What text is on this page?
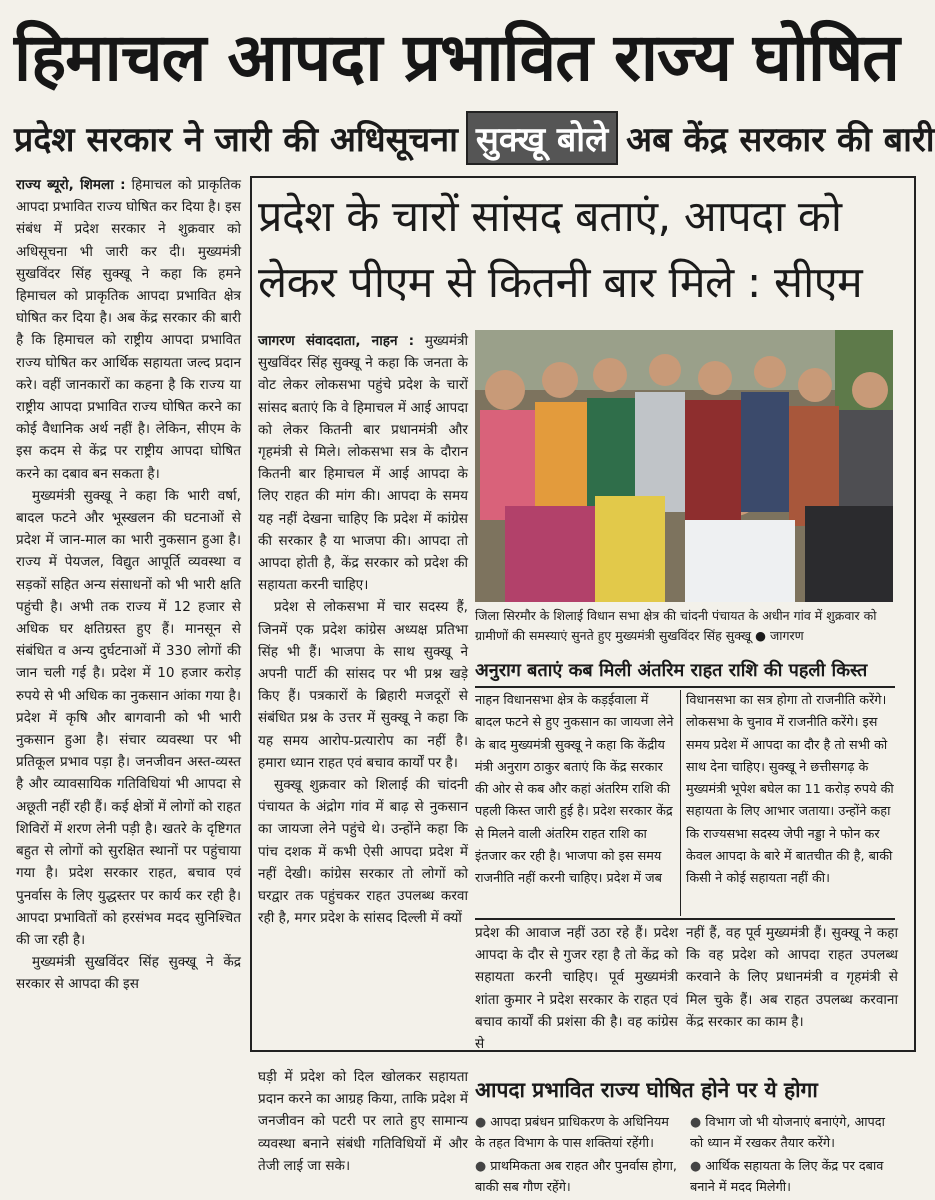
हिमाचल आपदा प्रभावित राज्य घोषित
प्रदेश सरकार ने जारी की अधिसूचना सुक्खू बोले अब केंद्र सरकार की बारी

राज्य ब्यूरो, शिमला : हिमाचल को प्राकृतिक आपदा प्रभावित राज्य घोषित कर दिया है। इस संबंध में प्रदेश सरकार ने शुक्रवार को अधिसूचना भी जारी कर दी। मुख्यमंत्री सुखविंदर सिंह सुक्खू ने कहा कि हमने हिमाचल को प्राकृतिक आपदा प्रभावित क्षेत्र घोषित कर दिया है। अब केंद्र सरकार की बारी है कि हिमाचल को राष्ट्रीय आपदा प्रभावित राज्य घोषित कर आर्थिक सहायता जल्द प्रदान करे। वहीं जानकारों का कहना है कि राज्य या राष्ट्रीय आपदा प्रभावित राज्य घोषित करने का कोई वैधानिक अर्थ नहीं है। लेकिन, सीएम के इस कदम से केंद्र पर राष्ट्रीय आपदा घोषित करने का दबाव बन सकता है।

मुख्यमंत्री सुक्खू ने कहा कि भारी वर्षा, बादल फटने और भूस्खलन की घटनाओं से प्रदेश में जान-माल का भारी नुकसान हुआ है। राज्य में पेयजल, विद्युत आपूर्ति व्यवस्था व सड़कों सहित अन्य संसाधनों को भी भारी क्षति पहुंची है। अभी तक राज्य में 12 हजार से अधिक घर क्षतिग्रस्त हुए हैं। मानसून से संबंधित व अन्य दुर्घटनाओं में 330 लोगों की जान चली गई है। प्रदेश में 10 हजार करोड़ रुपये से भी अधिक का नुकसान आंका गया है। प्रदेश में कृषि और बागवानी को भी भारी नुकसान हुआ है। संचार व्यवस्था पर भी प्रतिकूल प्रभाव पड़ा है। जनजीवन अस्त-व्यस्त है और व्यावसायिक गतिविधियां भी आपदा से अछूती नहीं रही हैं। कई क्षेत्रों में लोगों को राहत शिविरों में शरण लेनी पड़ी है। खतरे के दृष्टिगत बहुत से लोगों को सुरक्षित स्थानों पर पहुंचाया गया है। प्रदेश सरकार राहत, बचाव एवं पुनर्वास के लिए युद्धस्तर पर कार्य कर रही है। आपदा प्रभावितों को हरसंभव मदद सुनिश्चित की जा रही है।

मुख्यमंत्री सुखविंदर सिंह सुक्खू ने केंद्र सरकार से आपदा की इस

प्रदेश के चारों सांसद बताएं, आपदा को लेकर पीएम से कितनी बार मिले : सीएम

जागरण संवाददाता, नाहन : मुख्यमंत्री सुखविंदर सिंह सुक्खू ने कहा कि जनता के वोट लेकर लोकसभा पहुंचे प्रदेश के चारों सांसद बताएं कि वे हिमाचल में आई आपदा को लेकर कितनी बार प्रधानमंत्री और गृहमंत्री से मिले। लोकसभा सत्र के दौरान कितनी बार हिमाचल में आई आपदा के लिए राहत की मांग की। आपदा के समय यह नहीं देखना चाहिए कि प्रदेश में कांग्रेस की सरकार है या भाजपा की। आपदा तो आपदा होती है, केंद्र सरकार को प्रदेश की सहायता करनी चाहिए।

प्रदेश से लोकसभा में चार सदस्य हैं, जिनमें एक प्रदेश कांग्रेस अध्यक्ष प्रतिभा सिंह भी हैं। भाजपा के साथ सुक्खू ने अपनी पार्टी की सांसद पर भी प्रश्न खड़े किए हैं। पत्रकारों के ब्रिहारी मजदूरों से संबंधित प्रश्न के उत्तर में सुक्खू ने कहा कि यह समय आरोप-प्रत्यारोप का नहीं है। हमारा ध्यान राहत एवं बचाव कार्यों पर है।

सुक्खू शुक्रवार को शिलाई की चांदनी पंचायत के अंद्रोग गांव में बाढ़ से नुकसान का जायजा लेने पहुंचे थे। उन्होंने कहा कि पांच दशक में कभी ऐसी आपदा प्रदेश में नहीं देखी। कांग्रेस सरकार तो लोगों को घरद्वार तक पहुंचकर राहत उपलब्ध करवा रही है, मगर प्रदेश के सांसद दिल्ली में क्यों

जिला सिरमौर के शिलाई विधान सभा क्षेत्र की चांदनी पंचायत के अधीन गांव में शुक्रवार को ग्रामीणों की समस्याएं सुनते हुए मुख्यमंत्री सुखविंदर सिंह सुक्खू ● जागरण
अनुराग बताएं कब मिली अंतरिम राहत राशि की पहली किस्त
नाहन विधानसभा क्षेत्र के कड़ईवाला में बादल फटने से हुए नुकसान का जायजा लेने के बाद मुख्यमंत्री सुक्खू ने कहा कि केंद्रीय मंत्री अनुराग ठाकुर बताएं कि केंद्र सरकार की ओर से कब और कहां अंतरिम राशि की पहली किस्त जारी हुई है। प्रदेश सरकार केंद्र से मिलने वाली अंतरिम राहत राशि का इंतजार कर रही है। भाजपा को इस समय राजनीति नहीं करनी चाहिए। प्रदेश में जब
विधानसभा का सत्र होगा तो राजनीति करेंगे। लोकसभा के चुनाव में राजनीति करेंगे। इस समय प्रदेश में आपदा का दौर है तो सभी को साथ देना चाहिए। सुक्खू ने छत्तीसगढ़ के मुख्यमंत्री भूपेश बघेल का 11 करोड़ रुपये की सहायता के लिए आभार जताया। उन्होंने कहा कि राज्यसभा सदस्य जेपी नड्डा ने फोन कर केवल आपदा के बारे में बातचीत की है, बाकी किसी ने कोई सहायता नहीं की।
प्रदेश की आवाज नहीं उठा रहे हैं। प्रदेश आपदा के दौर से गुजर रहा है तो केंद्र को सहायता करनी चाहिए। पूर्व मुख्यमंत्री शांता कुमार ने प्रदेश सरकार के राहत एवं बचाव कार्यों की प्रशंसा की है। वह कांग्रेस से
नहीं हैं, वह पूर्व मुख्यमंत्री हैं। सुक्खू ने कहा कि वह प्रदेश को आपदा राहत उपलब्ध करवाने के लिए प्रधानमंत्री व गृहमंत्री से मिल चुके हैं। अब राहत उपलब्ध करवाना केंद्र सरकार का काम है।
घड़ी में प्रदेश को दिल खोलकर सहायता प्रदान करने का आग्रह किया, ताकि प्रदेश में जनजीवन को पटरी पर लाते हुए सामान्य व्यवस्था बनाने संबंधी गतिविधियों में और तेजी लाई जा सके।
आपदा प्रभावित राज्य घोषित होने पर ये होगा
● आपदा प्रबंधन प्राधिकरण के अधिनियम के तहत विभाग के पास शक्तियां रहेंगी।
● विभाग जो भी योजनाएं बनाएंगे, आपदा को ध्यान में रखकर तैयार करेंगे।
● प्राथमिकता अब राहत और पुनर्वास होगा, बाकी सब गौण रहेंगे।
● आर्थिक सहायता के लिए केंद्र पर दबाव बनाने में मदद मिलेगी।
